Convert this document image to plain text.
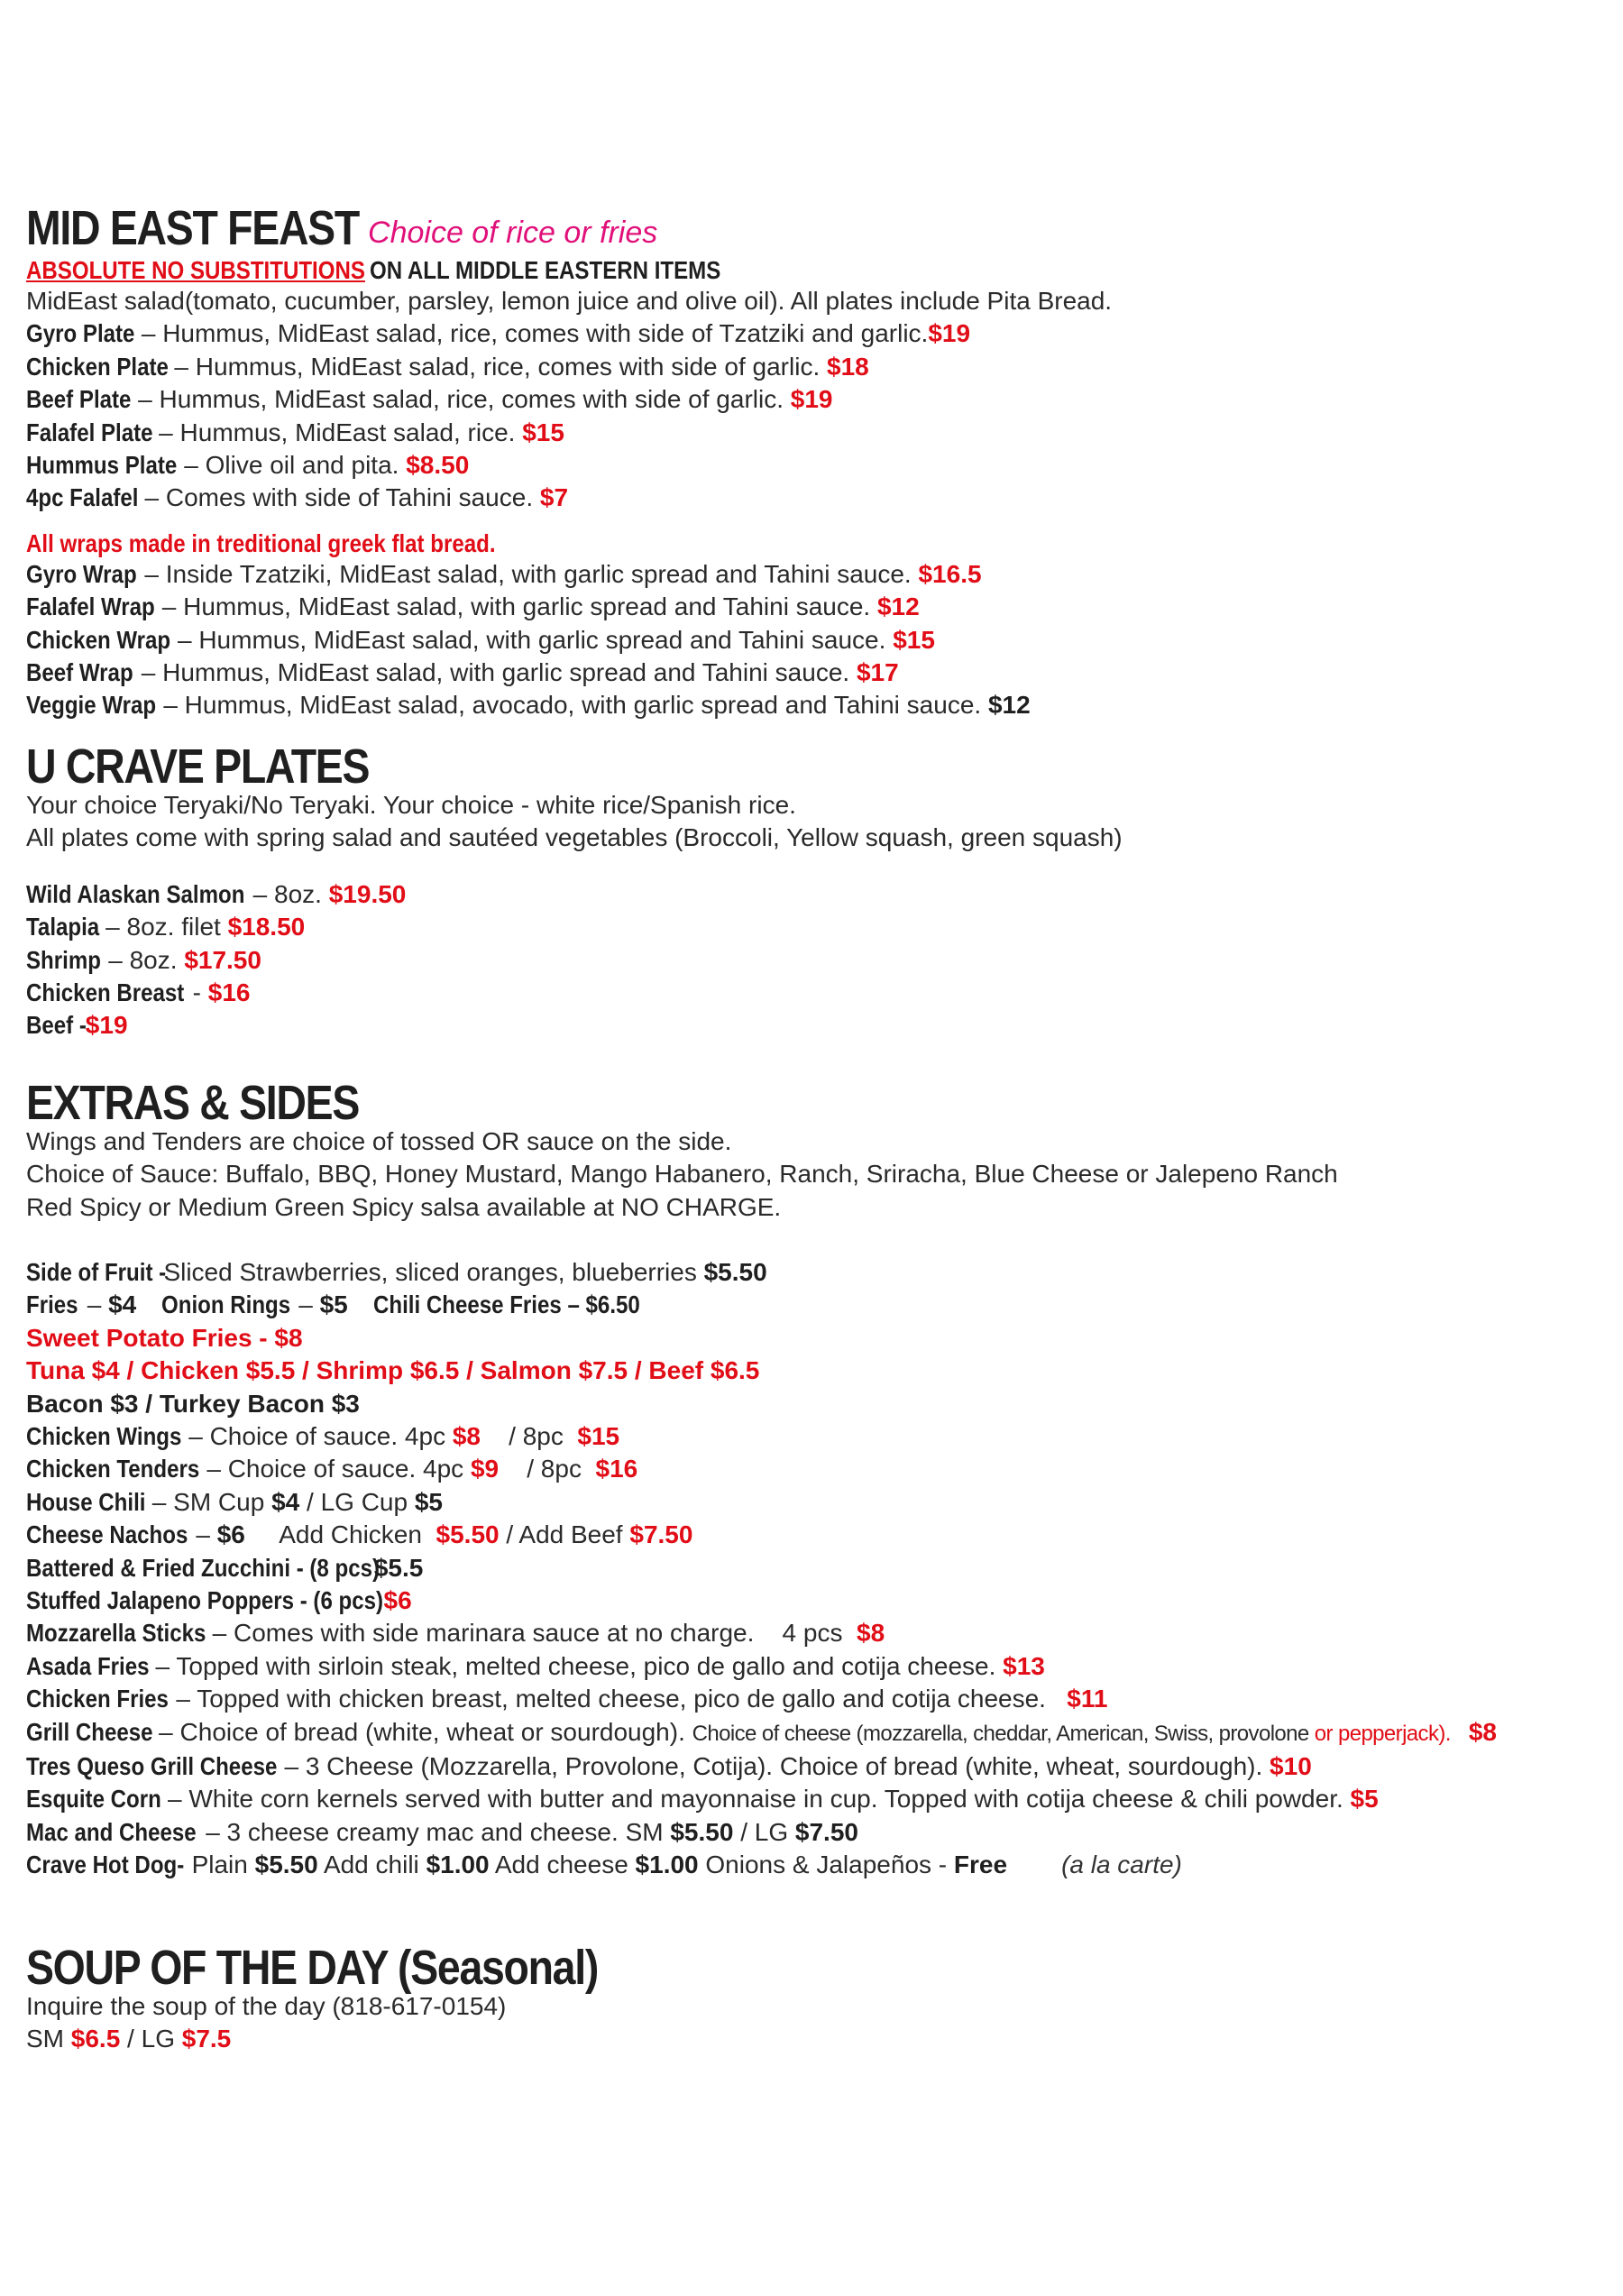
MID EAST FEAST Choice of rice or fries
ABSOLUTE NO SUBSTITUTIONSON ALL MIDDLE EASTERN ITEMS
MidEast salad(tomato, cucumber, parsley, lemon juice and olive oil). All plates include Pita Bread.
Gyro Plate – Hummus, MidEast salad, rice, comes with side of Tzatziki and garlic.$19
Chicken Plate – Hummus, MidEast salad, rice, comes with side of garlic. $18
Beef Plate – Hummus, MidEast salad, rice, comes with side of garlic. $19
Falafel Plate – Hummus, MidEast salad, rice. $15
Hummus Plate – Olive oil and pita. $8.50
4pc Falafel – Comes with side of Tahini sauce. $7
All wraps made in treditional greek flat bread.
Gyro Wrap – Inside Tzatziki, MidEast salad, with garlic spread and Tahini sauce. $16.5
Falafel Wrap – Hummus, MidEast salad, with garlic spread and Tahini sauce. $12
Chicken Wrap – Hummus, MidEast salad, with garlic spread and Tahini sauce. $15
Beef Wrap – Hummus, MidEast salad, with garlic spread and Tahini sauce. $17
Veggie Wrap – Hummus, MidEast salad, avocado, with garlic spread and Tahini sauce. $12
U CRAVE PLATES
Your choice Teryaki/No Teryaki. Your choice - white rice/Spanish rice.
All plates come with spring salad and sautéed vegetables (Broccoli, Yellow squash, green squash)
Wild Alaskan Salmon – 8oz. $19.50
Talapia – 8oz. filet $18.50
Shrimp – 8oz. $17.50
Chicken Breast - $16
Beef -$19
EXTRAS & SIDES
Wings and Tenders are choice of tossed OR sauce on the side.
Choice of Sauce: Buffalo, BBQ, Honey Mustard, Mango Habanero, Ranch, Sriracha, Blue Cheese or Jalepeno Ranch
Red Spicy or Medium Green Spicy salsa available at NO CHARGE.
Side of Fruit -Sliced Strawberries, sliced oranges, blueberries $5.50
Fries – $4 Onion Rings – $5 Chili Cheese Fries – $6.50
Sweet Potato Fries - $8
Tuna $4 / Chicken $5.5 / Shrimp $6.5 / Salmon $7.5 / Beef $6.5
Bacon $3 / Turkey Bacon $3
Chicken Wings – Choice of sauce. 4pc $8    / 8pc  $15
Chicken Tenders – Choice of sauce. 4pc $9    / 8pc  $16
House Chili – SM Cup $4 / LG Cup $5
Cheese Nachos – $6     Add Chicken  $5.50 / Add Beef $7.50
Battered & Fried Zucchini - (8 pcs)$5.5
Stuffed Jalapeno Poppers - (6 pcs)$6
Mozzarella Sticks – Comes with side marinara sauce at no charge.    4 pcs  $8
Asada Fries – Topped with sirloin steak, melted cheese, pico de gallo and cotija cheese. $13
Chicken Fries – Topped with chicken breast, melted cheese, pico de gallo and cotija cheese.   $11
Grill Cheese – Choice of bread (white, wheat or sourdough). Choice of cheese (mozzarella, cheddar, American, Swiss, provolone or pepperjack). $8
Tres Queso Grill Cheese – 3 Cheese (Mozzarella, Provolone, Cotija). Choice of bread (white, wheat, sourdough). $10
Esquite Corn – White corn kernels served with butter and mayonnaise in cup. Topped with cotija cheese & chili powder. $5
Mac and Cheese – 3 cheese creamy mac and cheese. SM $5.50 / LG $7.50
Crave Hot Dog- Plain $5.50 Add chili $1.00 Add cheese $1.00 Onions & Jalapeños - Free (a la carte)
SOUP OF THE DAY (Seasonal)
Inquire the soup of the day (818-617-0154)
SM $6.5 / LG $7.5
